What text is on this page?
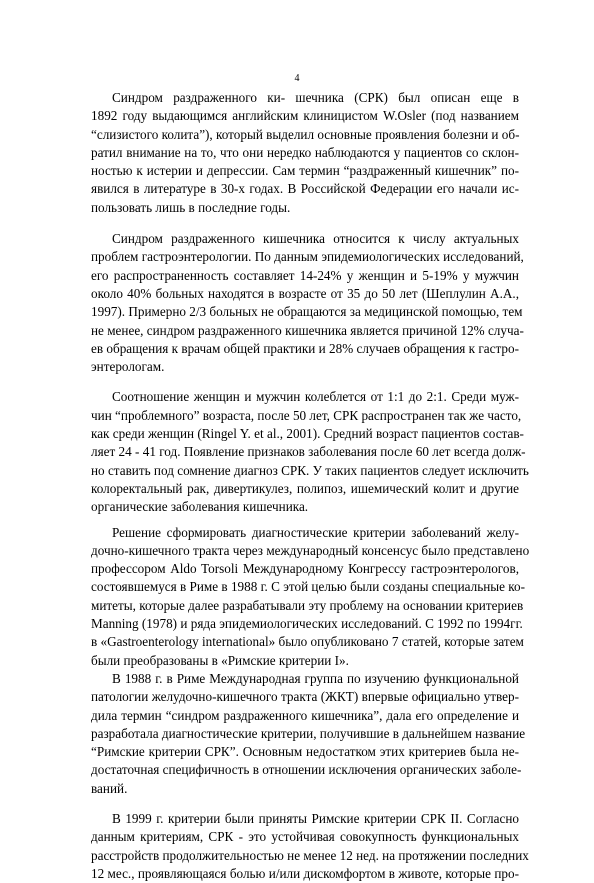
4
Синдром раздраженного ки- шечника (СРК) был описан еще в
1892 году выдающимся английским клиницистом W.Osler (под названием
“слизистого колита”), который выделил основные проявления болезни и об-
ратил внимание на то, что они нередко наблюдаются у пациентов со склон-
ностью к истерии и депрессии. Сам термин “раздраженный кишечник” по-
явился в литературе в 30-х годах. В Российской Федерации его начали ис-
пользовать лишь в последние годы.
Синдром раздраженного кишечника относится к числу актуальных
проблем гастроэнтерологии. По данным эпидемиологических исследований,
его распространенность составляет 14-24% у женщин и 5-19% у мужчин
около 40% больных находятся в возрасте от 35 до 50 лет (Шеплулин А.А.,
1997). Примерно 2/3 больных не обращаются за медицинской помощью, тем
не менее, синдром раздраженного кишечника является причиной 12% случа-
ев обращения к врачам общей практики и 28% случаев обращения к гастро-
энтерологам.
Соотношение женщин и мужчин колеблется от 1:1 до 2:1. Среди муж-
чин “проблемного” возраста, после 50 лет, СРК распространен так же часто,
как среди женщин (Ringel Y. et al., 2001). Средний возраст пациентов состав-
ляет 24 - 41 год. Появление признаков заболевания после 60 лет всегда долж-
но ставить под сомнение диагноз СРК. У таких пациентов следует исключить
колоректальный рак, дивертикулез, полипоз, ишемический колит и другие
органические заболевания кишечника.
Решение сформировать диагностические критерии заболеваний желу-
дочно-кишечного тракта через международный консенсус было представлено
профессором Aldo Torsoli Международному Конгрессу гастроэнтерологов,
состоявшемуся в Риме в 1988 г. С этой целью были созданы специальные ко-
митеты, которые далее разрабатывали эту проблему на основании критериев
Manning (1978) и ряда эпидемиологических исследований. С 1992 по 1994гг.
в «Gastroenterology international» было опубликовано 7 статей, которые затем
были преобразованы в «Римские критерии I».
В 1988 г. в Риме Международная группа по изучению функциональной
патологии желудочно-кишечного тракта (ЖКТ) впервые официально утвер-
дила термин “синдром раздраженного кишечника”, дала его определение и
разработала диагностические критерии, получившие в дальнейшем название
“Римские критерии СРК”. Основным недостатком этих критериев была не-
достаточная специфичность в отношении исключения органических заболе-
ваний.
В 1999 г. критерии были приняты Римские критерии СРК II. Согласно
данным критериям, СРК - это устойчивая совокупность функциональных
расстройств продолжительностью не менее 12 нед. на протяжении последних
12 мес., проявляющаяся болью и/или дискомфортом в животе, которые про-
